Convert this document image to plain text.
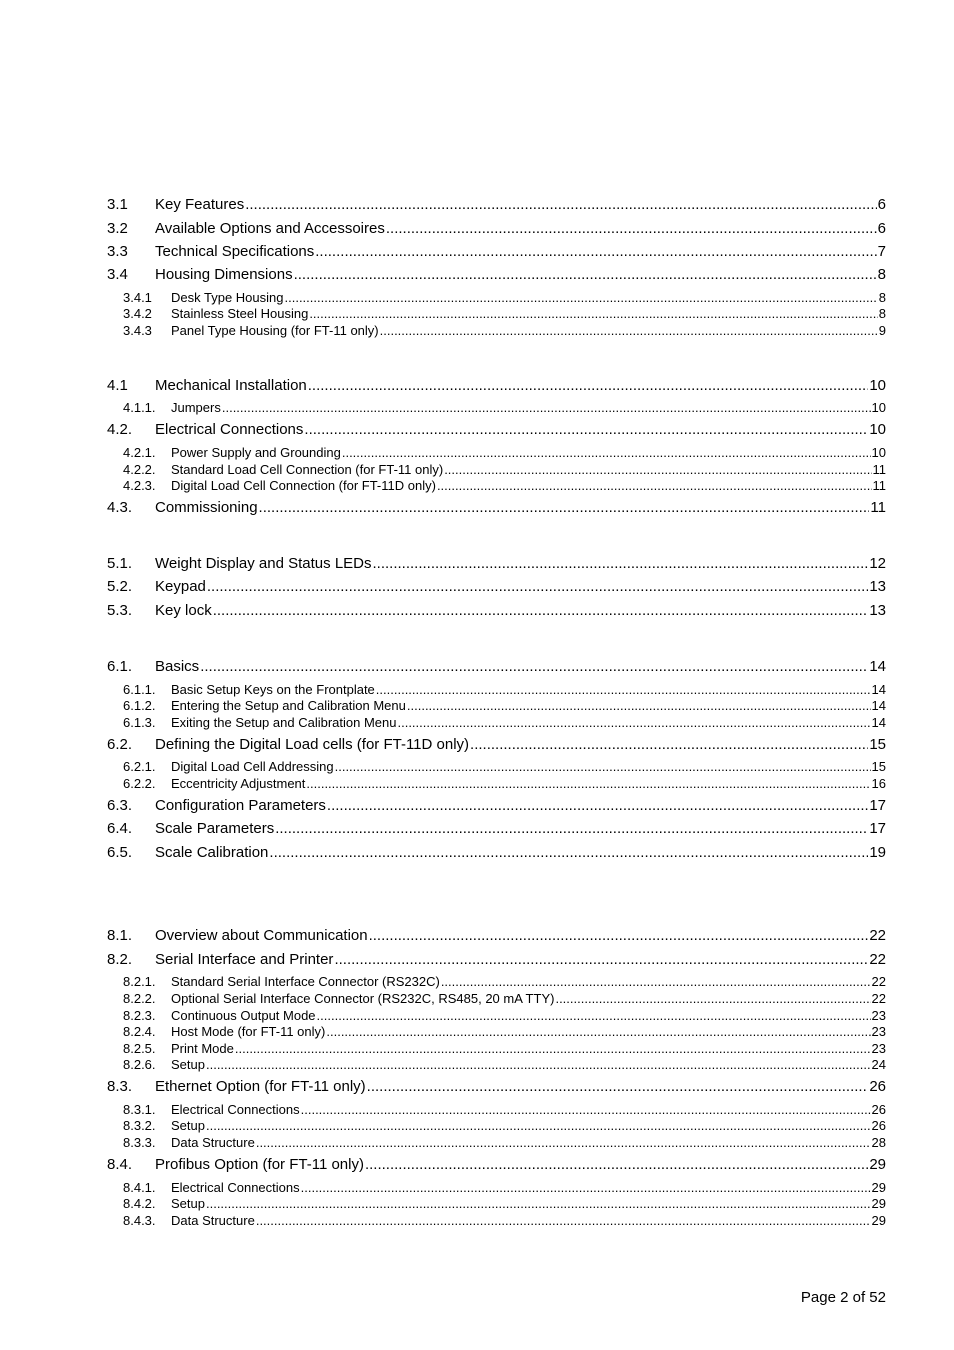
3.1	Key Features .....	6
3.2	Available Options and Accessoires .....	6
3.3	Technical Specifications .....	7
3.4	Housing Dimensions .....	8
3.4.1	Desk Type Housing .....	8
3.4.2	Stainless Steel Housing .....	8
3.4.3	Panel Type Housing (for FT-11 only) .....	9
4.1	Mechanical Installation .....	10
4.1.1.	Jumpers .....	10
4.2.	Electrical Connections .....	10
4.2.1.	Power Supply and Grounding .....	10
4.2.2.	Standard Load Cell Connection (for FT-11 only) .....	11
4.2.3.	Digital Load Cell Connection (for FT-11D only) .....	11
4.3.	Commissioning .....	11
5.1.	Weight Display and Status LEDs .....	12
5.2.	Keypad .....	13
5.3.	Key lock .....	13
6.1.	Basics .....	14
6.1.1.	Basic Setup Keys on the Frontplate .....	14
6.1.2.	Entering the Setup and Calibration Menu .....	14
6.1.3.	Exiting the Setup and Calibration Menu .....	14
6.2.	Defining the Digital Load cells (for FT-11D only) .....	15
6.2.1.	Digital Load Cell Addressing .....	15
6.2.2.	Eccentricity Adjustment .....	16
6.3.	Configuration Parameters .....	17
6.4.	Scale Parameters .....	17
6.5.	Scale Calibration .....	19
8.1.	Overview about Communication .....	22
8.2.	Serial Interface and Printer .....	22
8.2.1.	Standard Serial Interface Connector (RS232C) .....	22
8.2.2.	Optional Serial Interface Connector (RS232C, RS485, 20 mA TTY) .....	22
8.2.3.	Continuous Output Mode .....	23
8.2.4.	Host Mode (for FT-11 only) .....	23
8.2.5.	Print Mode .....	23
8.2.6.	Setup .....	24
8.3.	Ethernet Option (for FT-11 only) .....	26
8.3.1.	Electrical Connections .....	26
8.3.2.	Setup .....	26
8.3.3.	Data Structure .....	28
8.4.	Profibus Option (for FT-11 only) .....	29
8.4.1.	Electrical Connections .....	29
8.4.2.	Setup .....	29
8.4.3.	Data Structure .....	29
Page 2 of 52
